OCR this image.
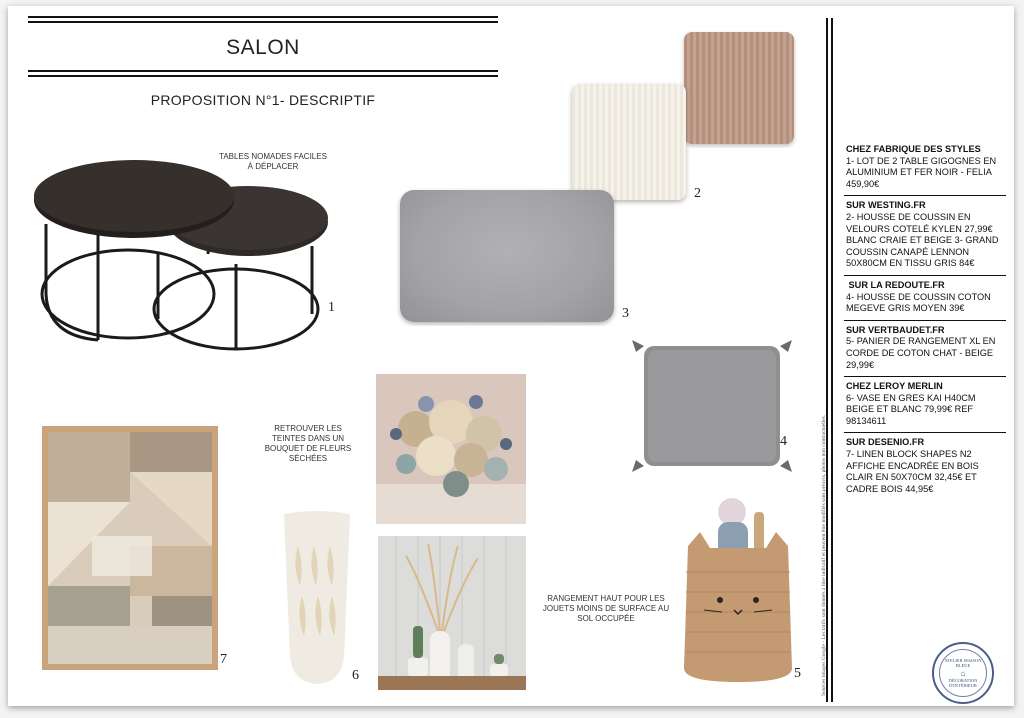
SALON
PROPOSITION N°1- DESCRIPTIF
TABLES NOMADES FACILES À DÉPLACER
1
2
3
4
RETROUVER LES TEINTES DANS UN BOUQUET DE FLEURS SÉCHÉES
6
7
RANGEMENT HAUT POUR LES JOUETS MOINS DE SURFACE AU SOL OCCUPÉE
5	Sources images Google - Les tarifs sont donnés à titre indicatif et peuvent être modifiés sans préavis, photos non contractuelles.
CHEZ FABRIQUE DES STYLES
1- LOT DE 2 TABLE GIGOGNES EN ALUMINIUM ET FER NOIR - FELIA 459,90€
SUR WESTING.FR
2- HOUSSE DE COUSSIN EN VELOURS COTELÉ KYLEN 27,99€ BLANC CRAIE ET BEIGE 3- GRAND COUSSIN CANAPÉ LENNON 50X80CM EN TISSU GRIS 84€
SUR LA REDOUTE.FR
4- HOUSSE DE COUSSIN COTON MEGEVE GRIS MOYEN 39€
SUR VERTBAUDET.FR
5- PANIER DE RANGEMENT XL EN CORDE DE COTON CHAT - BEIGE 29,99€
CHEZ LEROY MERLIN
6- VASE EN GRES KAI H40CM BEIGE ET BLANC 79,99€ REF 98134611
SUR DESENIO.FR
7- LINEN BLOCK SHAPES N2 AFFICHE ENCADRÉE EN BOIS CLAIR EN 50X70CM 32,45€ ET CADRE BOIS 44,95€
ATELIER MAISON BLEUE
⌂
DÉCORATION D'INTÉRIEUR
